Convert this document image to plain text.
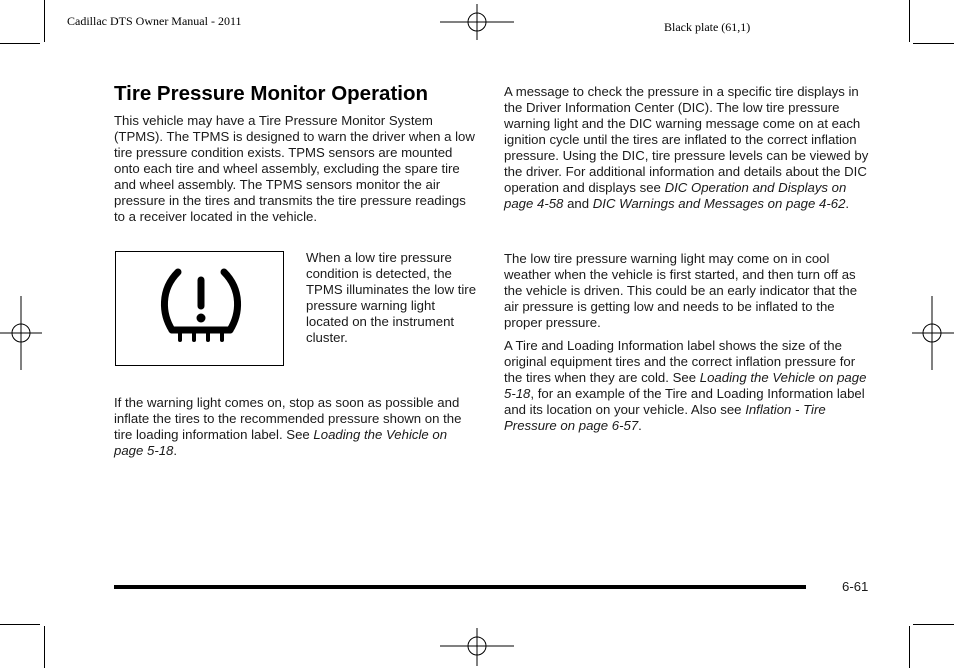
Cadillac DTS Owner Manual - 2011	Black plate (61,1)
Tire Pressure Monitor Operation

This vehicle may have a Tire Pressure Monitor System (TPMS). The TPMS is designed to warn the driver when a low tire pressure condition exists. TPMS sensors are mounted onto each tire and wheel assembly, excluding the spare tire and wheel assembly. The TPMS sensors monitor the air pressure in the tires and transmits the tire pressure readings to a receiver located in the vehicle.

When a low tire pressure condition is detected, the TPMS illuminates the low tire pressure warning light located on the instrument cluster.

If the warning light comes on, stop as soon as possible and inflate the tires to the recommended pressure shown on the tire loading information label. See Loading the Vehicle on page 5-18.

A message to check the pressure in a specific tire displays in the Driver Information Center (DIC). The low tire pressure warning light and the DIC warning message come on at each ignition cycle until the tires are inflated to the correct inflation pressure. Using the DIC, tire pressure levels can be viewed by the driver. For additional information and details about the DIC operation and displays see DIC Operation and Displays on page 4-58 and DIC Warnings and Messages on page 4-62.

The low tire pressure warning light may come on in cool weather when the vehicle is first started, and then turn off as the vehicle is driven. This could be an early indicator that the air pressure is getting low and needs to be inflated to the proper pressure.

A Tire and Loading Information label shows the size of the original equipment tires and the correct inflation pressure for the tires when they are cold. See Loading the Vehicle on page 5-18, for an example of the Tire and Loading Information label and its location on your vehicle. Also see Inflation - Tire Pressure on page 6-57.

6-61
